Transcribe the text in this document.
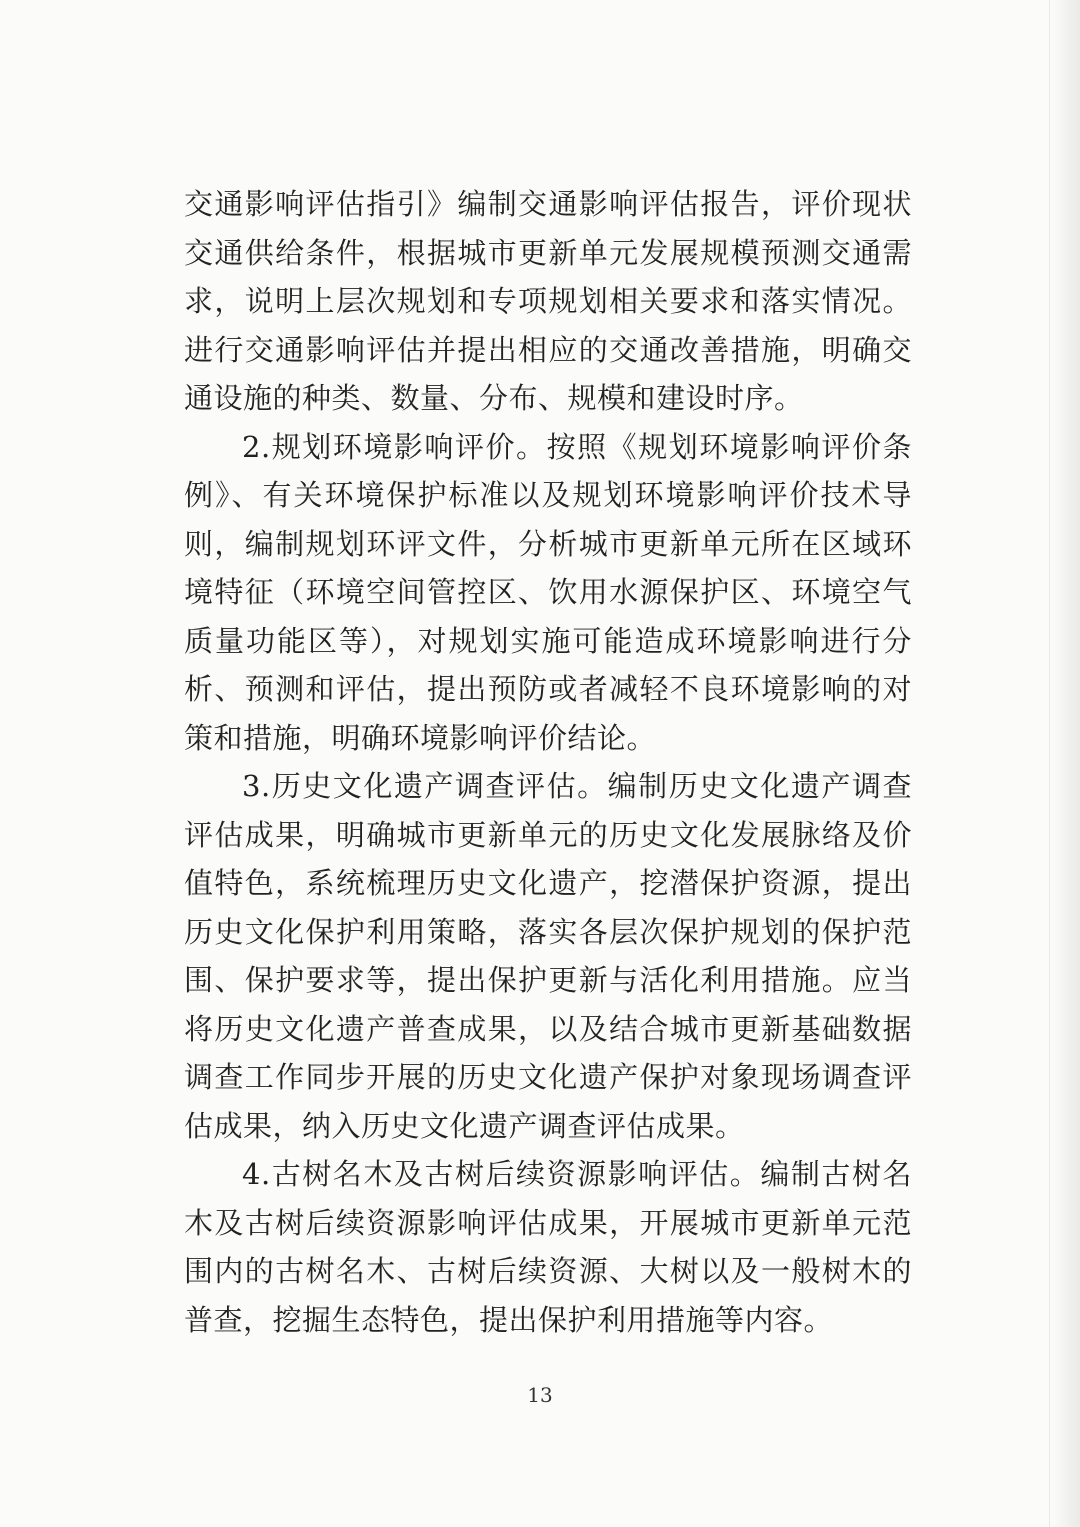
交通影响评估指引》编制交通影响评估报告，评价现状交通供给条件，根据城市更新单元发展规模预测交通需求，说明上层次规划和专项规划相关要求和落实情况。进行交通影响评估并提出相应的交通改善措施，明确交通设施的种类、数量、分布、规模和建设时序。

2.规划环境影响评价。按照《规划环境影响评价条例》、有关环境保护标准以及规划环境影响评价技术导则，编制规划环评文件，分析城市更新单元所在区域环境特征（环境空间管控区、饮用水源保护区、环境空气质量功能区等），对规划实施可能造成环境影响进行分析、预测和评估，提出预防或者减轻不良环境影响的对策和措施，明确环境影响评价结论。

3.历史文化遗产调查评估。编制历史文化遗产调查评估成果，明确城市更新单元的历史文化发展脉络及价值特色，系统梳理历史文化遗产，挖潜保护资源，提出历史文化保护利用策略，落实各层次保护规划的保护范围、保护要求等，提出保护更新与活化利用措施。应当将历史文化遗产普查成果，以及结合城市更新基础数据调查工作同步开展的历史文化遗产保护对象现场调查评估成果，纳入历史文化遗产调查评估成果。

4.古树名木及古树后续资源影响评估。编制古树名木及古树后续资源影响评估成果，开展城市更新单元范围内的古树名木、古树后续资源、大树以及一般树木的普查，挖掘生态特色，提出保护利用措施等内容。

13
